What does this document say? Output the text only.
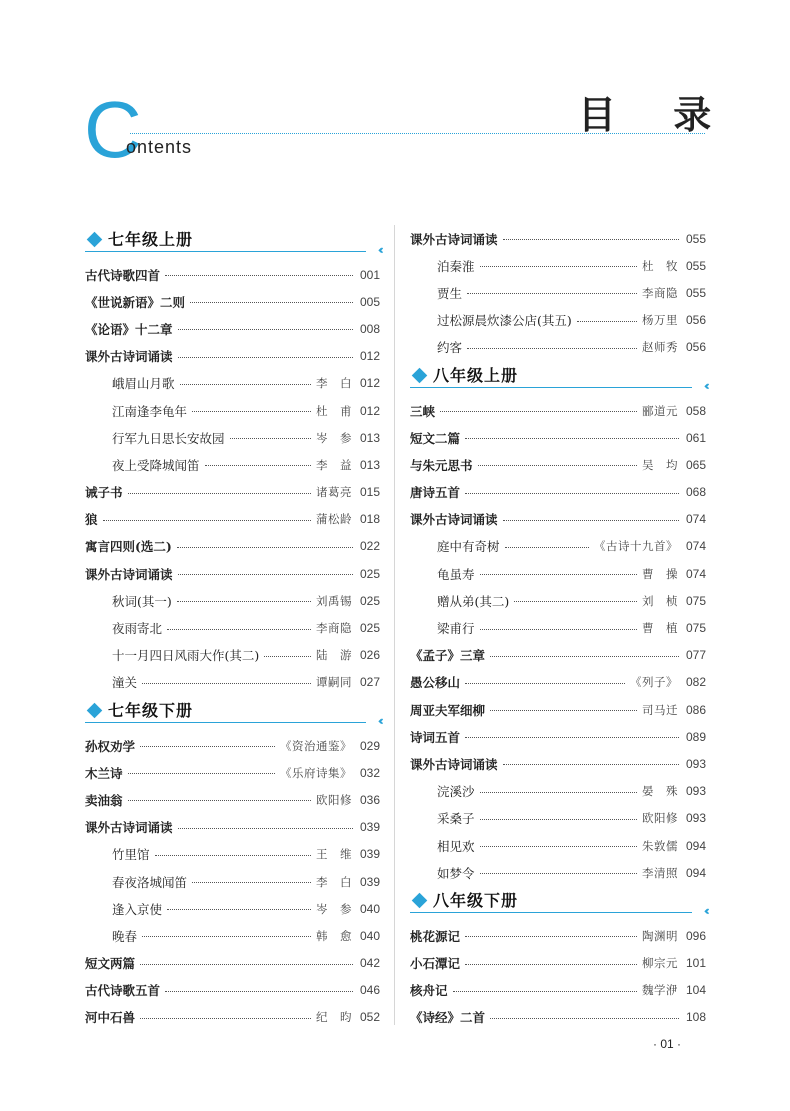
C
ontents
目 录
七年级上册
‹‹‹
古代诗歌四首	001
《世说新语》二则	005
《论语》十二章	008
课外古诗词诵读	012
峨眉山月歌	李　白 012
江南逢李龟年	杜　甫 012
行军九日思长安故园	岑　参 013
夜上受降城闻笛	李　益 013
诫子书	诸葛亮 015
狼	蒲松龄 018
寓言四则(选二)	022
课外古诗词诵读	025
秋词(其一)	刘禹锡 025
夜雨寄北	李商隐 025
十一月四日风雨大作(其二)	陆　游 026
潼关	谭嗣同 027
七年级下册
‹‹‹
孙权劝学	《资治通鉴》 029
木兰诗	《乐府诗集》 032
卖油翁	欧阳修 036
课外古诗词诵读	039
竹里馆	王　维 039
春夜洛城闻笛	李　白 039
逢入京使	岑　参 040
晚春	韩　愈 040
短文两篇	042
古代诗歌五首	046
河中石兽	纪　昀 052
课外古诗词诵读	055
泊秦淮	杜　牧 055
贾生	李商隐 055
过松源晨炊漆公店(其五)	杨万里 056
约客	赵师秀 056
八年级上册
‹‹‹
三峡	郦道元 058
短文二篇	061
与朱元思书	吴　均 065
唐诗五首	068
课外古诗词诵读	074
庭中有奇树	《古诗十九首》 074
龟虽寿	曹　操 074
赠从弟(其二)	刘　桢 075
梁甫行	曹　植 075
《孟子》三章	077
愚公移山	《列子》 082
周亚夫军细柳	司马迁 086
诗词五首	089
课外古诗词诵读	093
浣溪沙	晏　殊 093
采桑子	欧阳修 093
相见欢	朱敦儒 094
如梦令	李清照 094
八年级下册
‹‹‹
桃花源记	陶渊明 096
小石潭记	柳宗元 101
核舟记	魏学洢 104
《诗经》二首	108
· 01 ·
